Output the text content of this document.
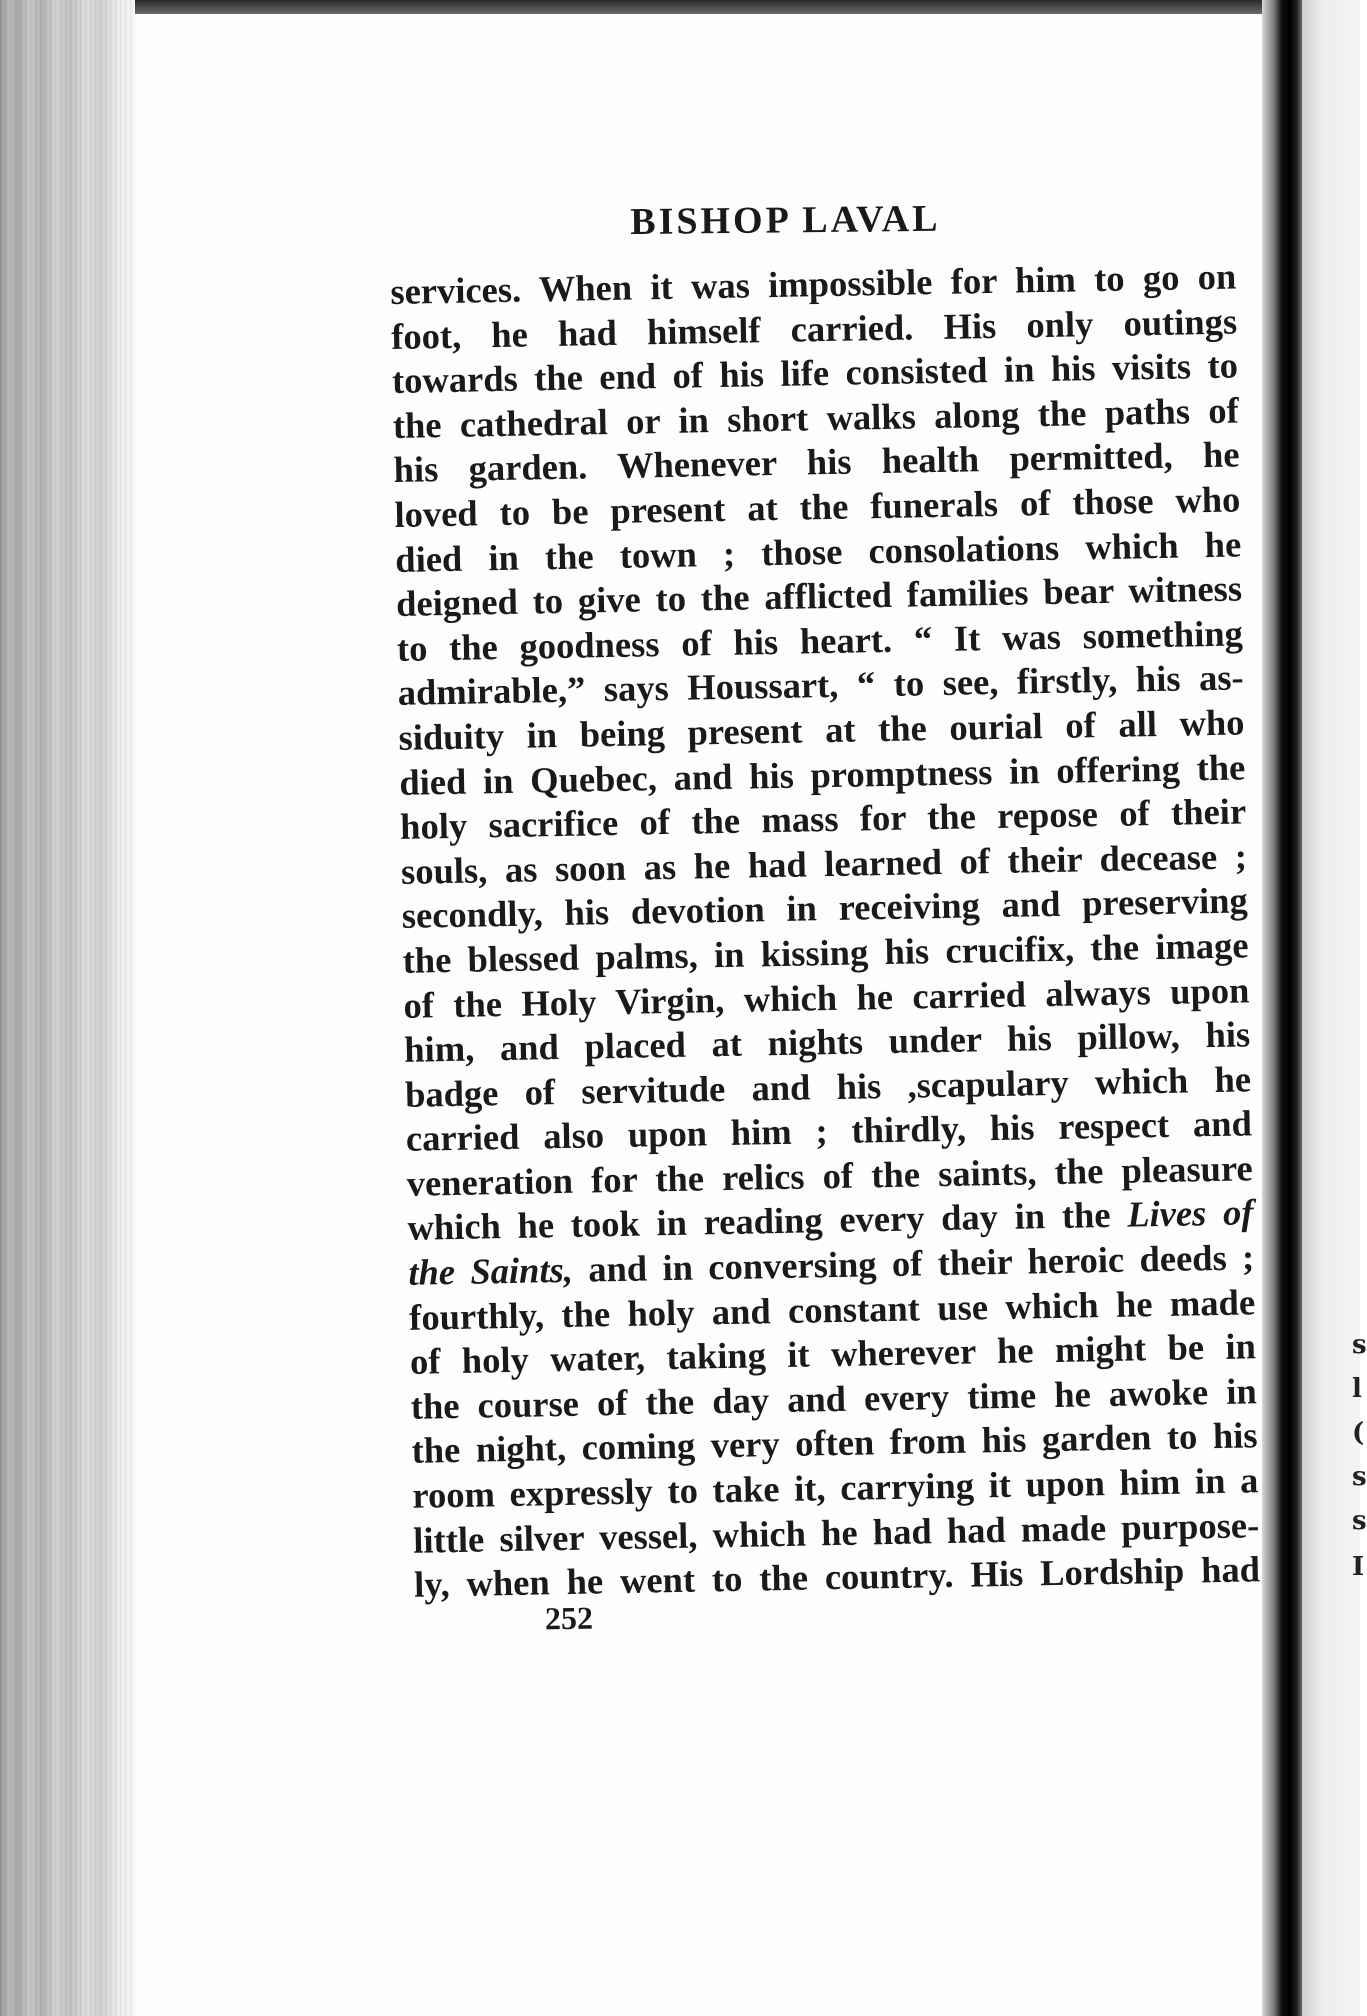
s
l
(
s
s
I
BISHOP LAVAL
services. When it was impossible for him to go on
foot, he had himself carried. His only outings
towards the end of his life consisted in his visits to
the cathedral or in short walks along the paths of
his garden. Whenever his health permitted, he
loved to be present at the funerals of those who
died in the town ; those consolations which he
deigned to give to the afflicted families bear witness
to the goodness of his heart. “ It was something
admirable,” says Houssart, “ to see, firstly, his as-
siduity in being present at the ourial of all who
died in Quebec, and his promptness in offering the
holy sacrifice of the mass for the repose of their
souls, as soon as he had learned of their decease ;
secondly, his devotion in receiving and preserving
the blessed palms, in kissing his crucifix, the image
of the Holy Virgin, which he carried always upon
him, and placed at nights under his pillow, his
badge of servitude and his ,scapulary which he
carried also upon him ; thirdly, his respect and
veneration for the relics of the saints, the pleasure
which he took in reading every day in the Lives of
the Saints, and in conversing of their heroic deeds ;
fourthly, the holy and constant use which he made
of holy water, taking it wherever he might be in
the course of the day and every time he awoke in
the night, coming very often from his garden to his
room expressly to take it, carrying it upon him in a
little silver vessel, which he had had made purpose-
ly, when he went to the country. His Lordship had
252
